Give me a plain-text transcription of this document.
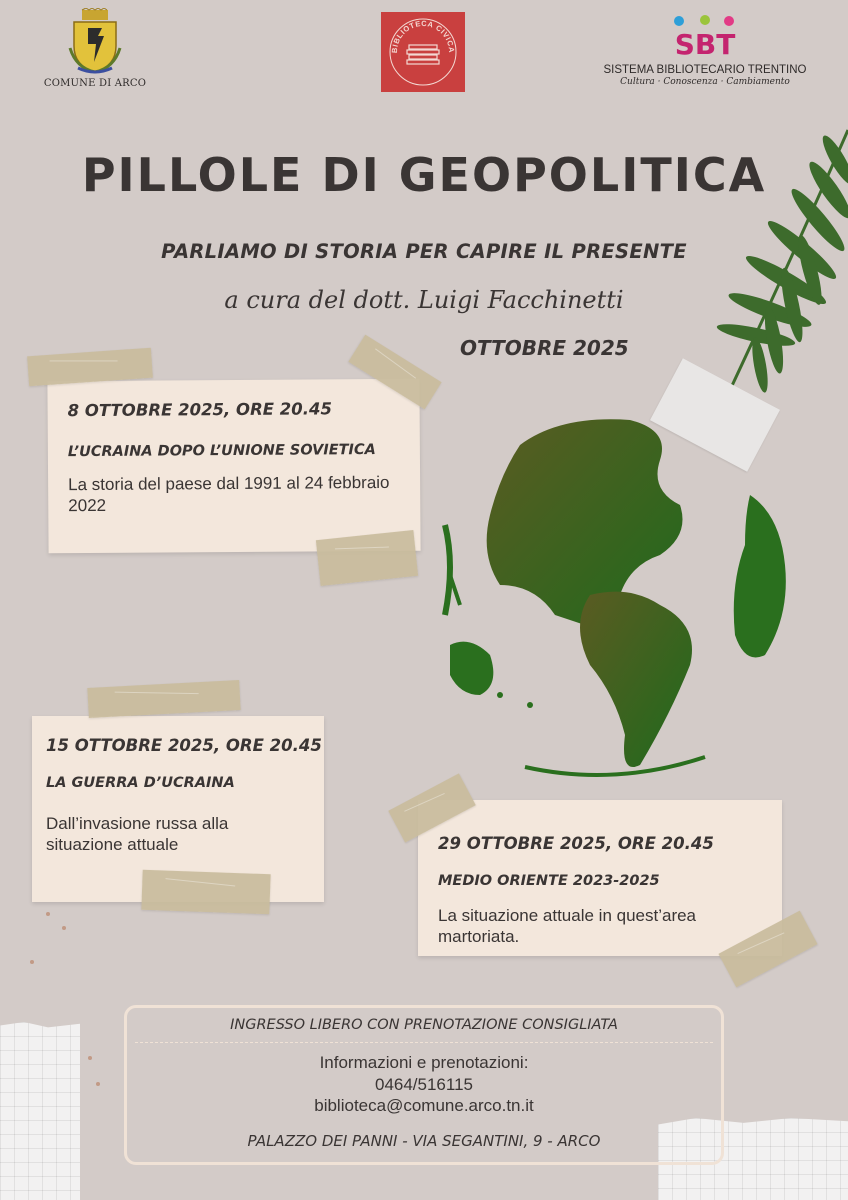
COMUNE DI ARCO
BIBLIOTECA CIVICA	SBT
SISTEMA BIBLIOTECARIO TRENTINO
Cultura · Conoscenza · Cambiamento
PILLOLE DI GEOPOLITICA
PARLIAMO DI STORIA PER CAPIRE IL PRESENTE
a cura del dott. Luigi Facchinetti
OTTOBRE 2025
8 OTTOBRE 2025, ORE 20.45
L’UCRAINA DOPO L’UNIONE SOVIETICA
La storia del paese dal 1991 al 24 febbraio 2022
15 OTTOBRE 2025, ORE 20.45
LA GUERRA D’UCRAINA
Dall’invasione russa alla situazione attuale	29 OTTOBRE 2025, ORE 20.45
MEDIO ORIENTE 2023-2025
La situazione attuale in quest’area martoriata.
INGRESSO LIBERO CON PRENOTAZIONE CONSIGLIATA
Informazioni e prenotazioni:
0464/516115
biblioteca@comune.arco.tn.it
PALAZZO DEI PANNI - VIA SEGANTINI, 9 - ARCO
